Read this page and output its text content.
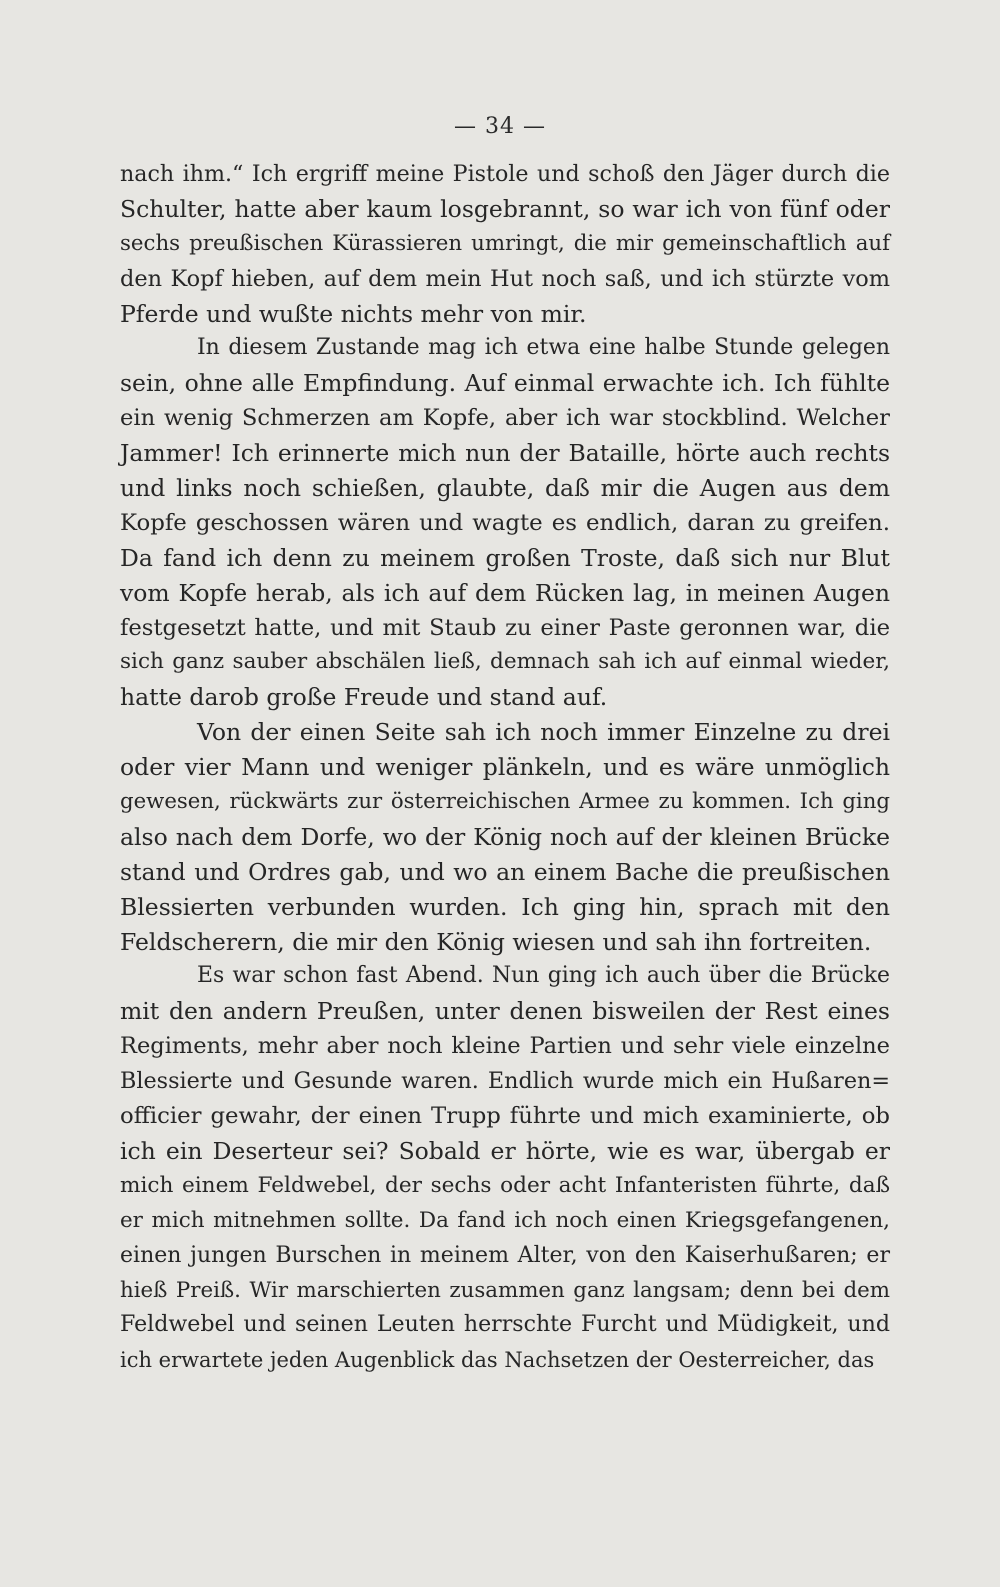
— 34 —
nach ihm.“ Ich ergriff meine Pistole und schoß den Jäger durch die
Schulter, hatte aber kaum losgebrannt, so war ich von fünf oder
sechs preußischen Kürassieren umringt, die mir gemeinschaftlich auf
den Kopf hieben, auf dem mein Hut noch saß, und ich stürzte vom
Pferde und wußte nichts mehr von mir.
In diesem Zustande mag ich etwa eine halbe Stunde gelegen
sein, ohne alle Empfindung. Auf einmal erwachte ich. Ich fühlte
ein wenig Schmerzen am Kopfe, aber ich war stockblind. Welcher
Jammer! Ich erinnerte mich nun der Bataille, hörte auch rechts
und links noch schießen, glaubte, daß mir die Augen aus dem
Kopfe geschossen wären und wagte es endlich, daran zu greifen.
Da fand ich denn zu meinem großen Troste, daß sich nur Blut
vom Kopfe herab, als ich auf dem Rücken lag, in meinen Augen
festgesetzt hatte, und mit Staub zu einer Paste geronnen war, die
sich ganz sauber abschälen ließ, demnach sah ich auf einmal wieder,
hatte darob große Freude und stand auf.
Von der einen Seite sah ich noch immer Einzelne zu drei
oder vier Mann und weniger plänkeln, und es wäre unmöglich
gewesen, rückwärts zur österreichischen Armee zu kommen. Ich ging
also nach dem Dorfe, wo der König noch auf der kleinen Brücke
stand und Ordres gab, und wo an einem Bache die preußischen
Blessierten verbunden wurden. Ich ging hin, sprach mit den
Feldscherern, die mir den König wiesen und sah ihn fortreiten.
Es war schon fast Abend. Nun ging ich auch über die Brücke
mit den andern Preußen, unter denen bisweilen der Rest eines
Regiments, mehr aber noch kleine Partien und sehr viele einzelne
Blessierte und Gesunde waren. Endlich wurde mich ein Hußaren=
officier gewahr, der einen Trupp führte und mich examinierte, ob
ich ein Deserteur sei? Sobald er hörte, wie es war, übergab er
mich einem Feldwebel, der sechs oder acht Infanteristen führte, daß
er mich mitnehmen sollte. Da fand ich noch einen Kriegsgefangenen,
einen jungen Burschen in meinem Alter, von den Kaiserhußaren; er
hieß Preiß. Wir marschierten zusammen ganz langsam; denn bei dem
Feldwebel und seinen Leuten herrschte Furcht und Müdigkeit, und
ich erwartete jeden Augenblick das Nachsetzen der Oesterreicher, das
